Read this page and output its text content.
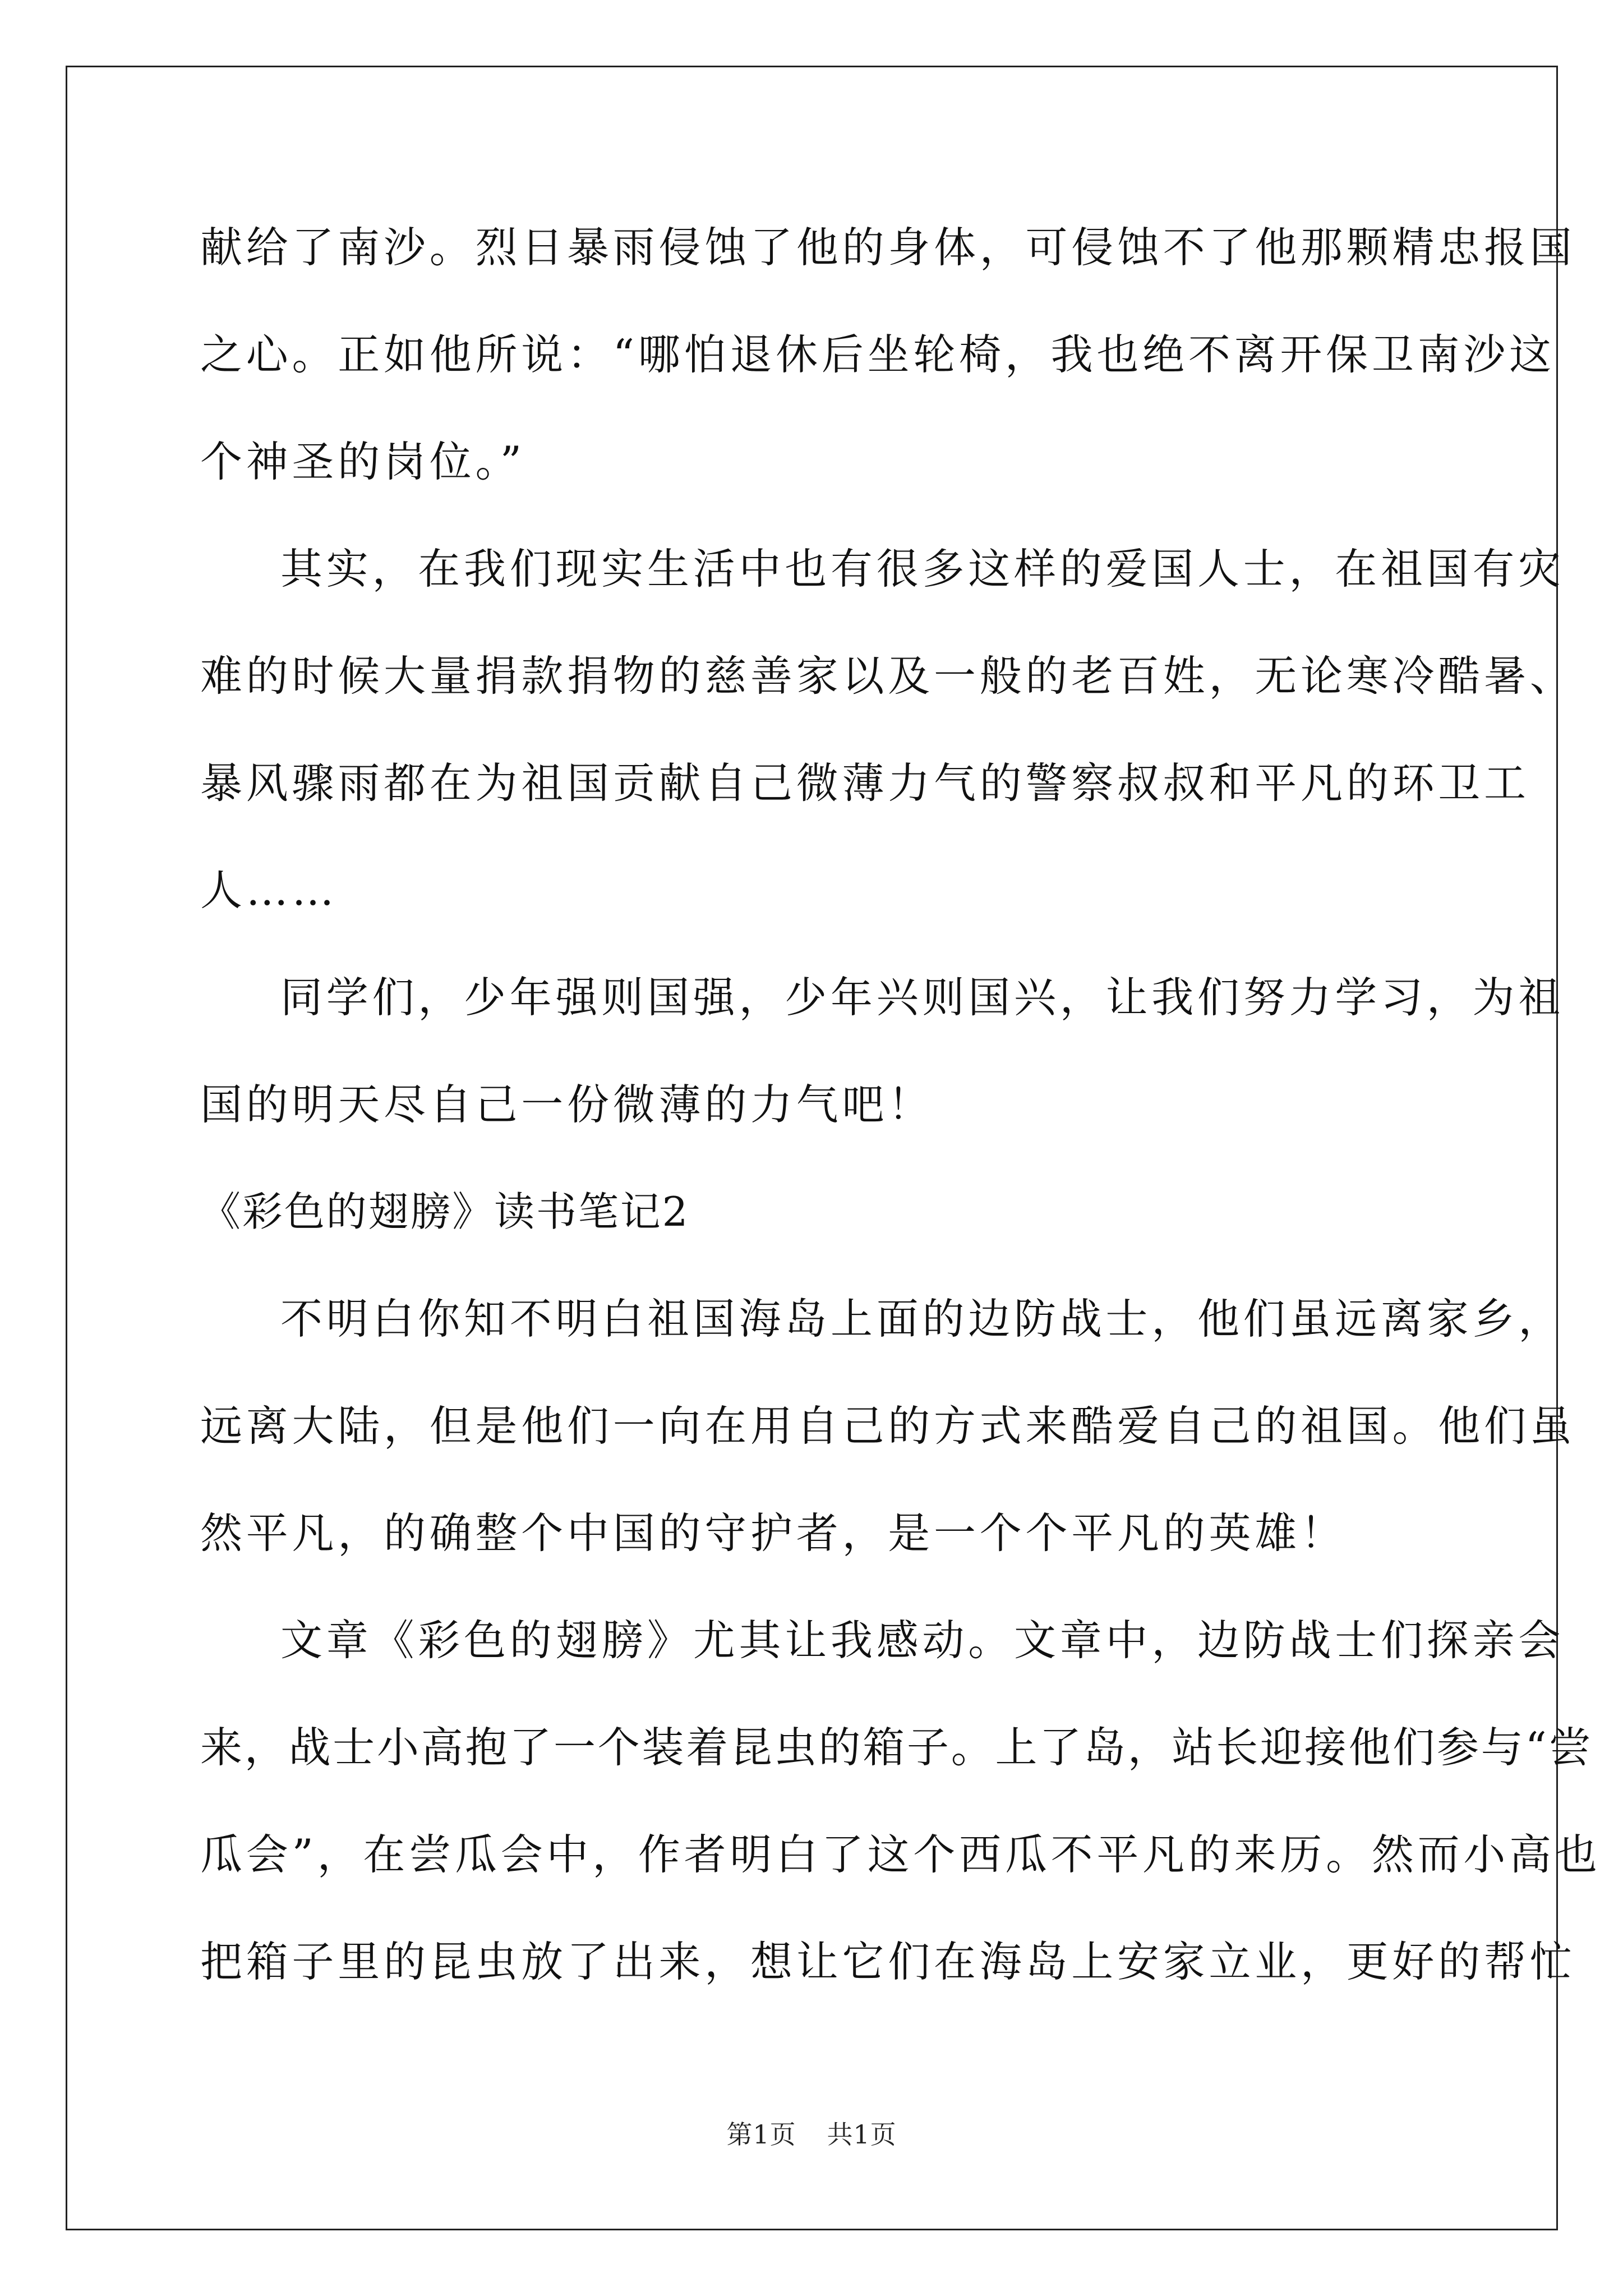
献给了南沙。烈日暴雨侵蚀了他的身体，可侵蚀不了他那颗精忠报国
之心。正如他所说：“哪怕退休后坐轮椅，我也绝不离开保卫南沙这
个神圣的岗位。”
其实，在我们现实生活中也有很多这样的爱国人士，在祖国有灾
难的时候大量捐款捐物的慈善家以及一般的老百姓，无论寒冷酷暑、
暴风骤雨都在为祖国贡献自己微薄力气的警察叔叔和平凡的环卫工
人……
同学们，少年强则国强，少年兴则国兴，让我们努力学习，为祖
国的明天尽自己一份微薄的力气吧！
《彩色的翅膀》读书笔记2
不明白你知不明白祖国海岛上面的边防战士，他们虽远离家乡，
远离大陆，但是他们一向在用自己的方式来酷爱自己的祖国。他们虽
然平凡，的确整个中国的守护者，是一个个平凡的英雄！
文章《彩色的翅膀》尤其让我感动。文章中，边防战士们探亲会
来，战士小高抱了一个装着昆虫的箱子。上了岛，站长迎接他们参与“尝
瓜会”，在尝瓜会中，作者明白了这个西瓜不平凡的来历。然而小高也
把箱子里的昆虫放了出来，想让它们在海岛上安家立业，更好的帮忙
第1页 共1页
